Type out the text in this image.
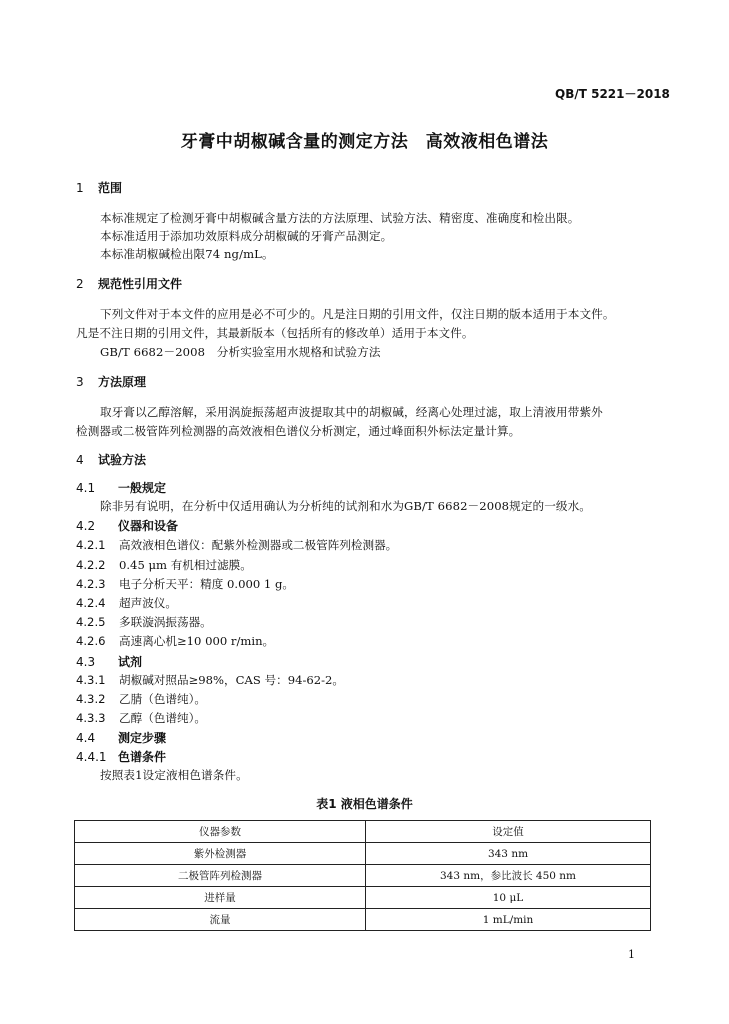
QB/T 5221－2018
牙膏中胡椒碱含量的测定方法　高效液相色谱法
1 范围
本标准规定了检测牙膏中胡椒碱含量方法的方法原理、试验方法、精密度、准确度和检出限。
本标准适用于添加功效原料成分胡椒碱的牙膏产品测定。
本标准胡椒碱检出限74 ng/mL。
2 规范性引用文件
下列文件对于本文件的应用是必不可少的。凡是注日期的引用文件，仅注日期的版本适用于本文件。
凡是不注日期的引用文件，其最新版本（包括所有的修改单）适用于本文件。
GB/T 6682－2008　分析实验室用水规格和试验方法
3 方法原理
取牙膏以乙醇溶解，采用涡旋振荡超声波提取其中的胡椒碱，经离心处理过滤，取上清液用带紫外
检测器或二极管阵列检测器的高效液相色谱仪分析测定，通过峰面积外标法定量计算。
4 试验方法
4.1 一般规定
除非另有说明，在分析中仅适用确认为分析纯的试剂和水为GB/T 6682－2008规定的一级水。
4.2 仪器和设备
4.2.1 高效液相色谱仪：配紫外检测器或二极管阵列检测器。
4.2.2 0.45 μm 有机相过滤膜。
4.2.3 电子分析天平：精度 0.000 1 g。
4.2.4 超声波仪。
4.2.5 多联漩涡振荡器。
4.2.6 高速离心机≥10 000 r/min。
4.3 试剂
4.3.1 胡椒碱对照品≥98%，CAS 号：94-62-2。
4.3.2 乙腈（色谱纯）。
4.3.3 乙醇（色谱纯）。
4.4 测定步骤
4.4.1 色谱条件
按照表1设定液相色谱条件。
表1 液相色谱条件
仪器参数	设定值
紫外检测器	343 nm
二极管阵列检测器	343 nm，参比波长 450 nm
进样量	10 μL
流量	1 mL/min
1
